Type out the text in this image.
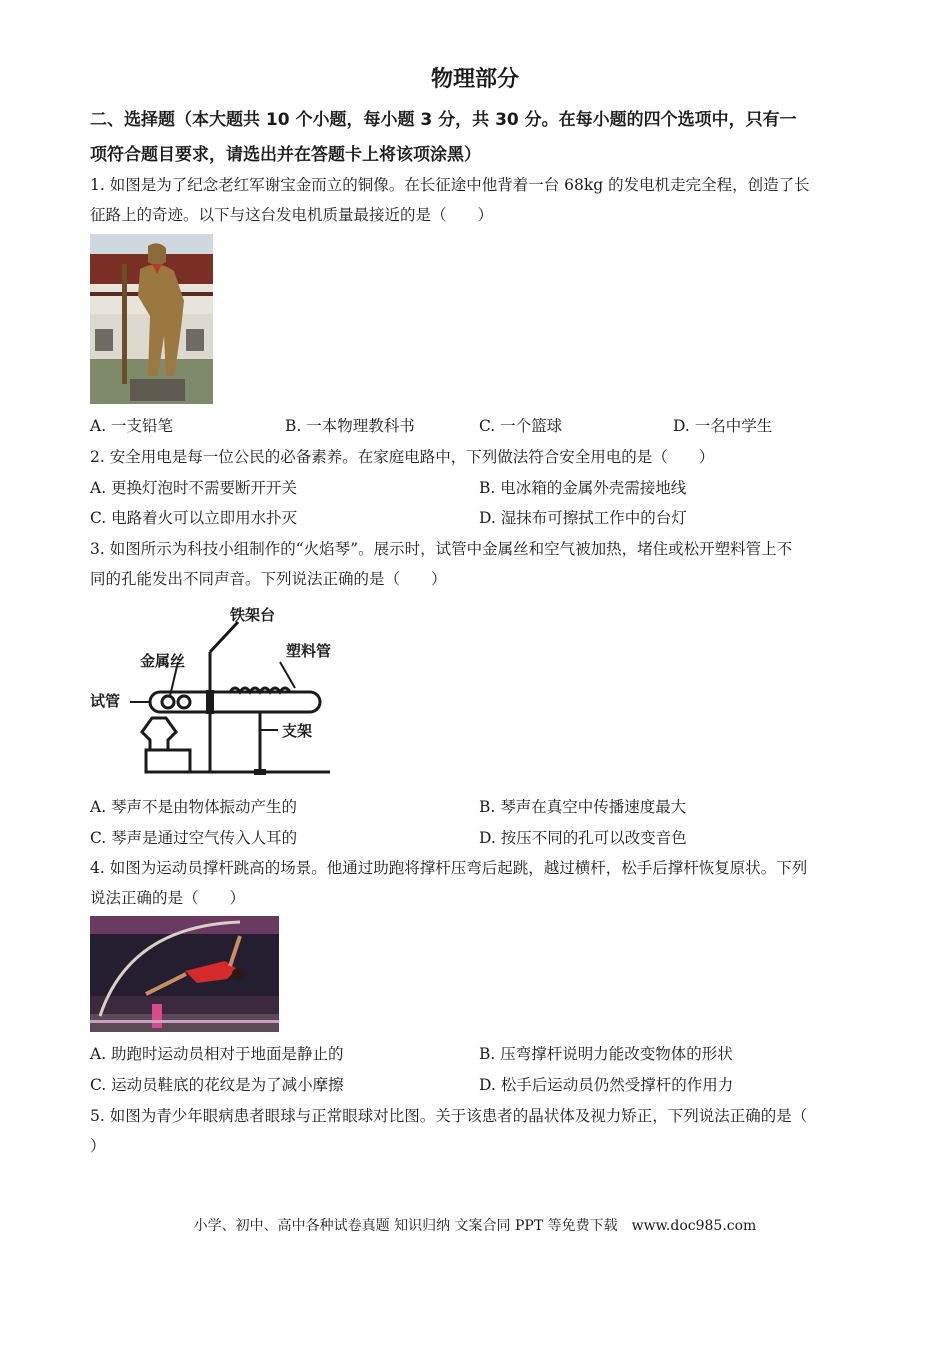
物理部分
二、选择题（本大题共 10 个小题，每小题 3 分，共 30 分。在每小题的四个选项中，只有一
项符合题目要求，请选出并在答题卡上将该项涂黑）
1. 如图是为了纪念老红军谢宝金而立的铜像。在长征途中他背着一台 68kg 的发电机走完全程，创造了长
征路上的奇迹。以下与这台发电机质量最接近的是（　　）
A. 一支铅笔	B. 一本物理教科书	C. 一个篮球	D. 一名中学生
2. 安全用电是每一位公民的必备素养。在家庭电路中，下列做法符合安全用电的是（　　）
A. 更换灯泡时不需要断开开关	B. 电冰箱的金属外壳需接地线
C. 电路着火可以立即用水扑灭	D. 湿抹布可擦拭工作中的台灯
3. 如图所示为科技小组制作的“火焰琴”。展示时，试管中金属丝和空气被加热，堵住或松开塑料管上不
同的孔能发出不同声音。下列说法正确的是（　　）
铁架台
金属丝
塑料管
试管
支架
A. 琴声不是由物体振动产生的	B. 琴声在真空中传播速度最大
C. 琴声是通过空气传入人耳的	D. 按压不同的孔可以改变音色
4. 如图为运动员撑杆跳高的场景。他通过助跑将撑杆压弯后起跳，越过横杆，松手后撑杆恢复原状。下列
说法正确的是（　　）
A. 助跑时运动员相对于地面是静止的	B. 压弯撑杆说明力能改变物体的形状
C. 运动员鞋底的花纹是为了减小摩擦	D. 松手后运动员仍然受撑杆的作用力
5. 如图为青少年眼病患者眼球与正常眼球对比图。关于该患者的晶状体及视力矫正，下列说法正确的是（
）
小学、初中、高中各种试卷真题 知识归纳 文案合同 PPT 等免费下载　www.doc985.com
